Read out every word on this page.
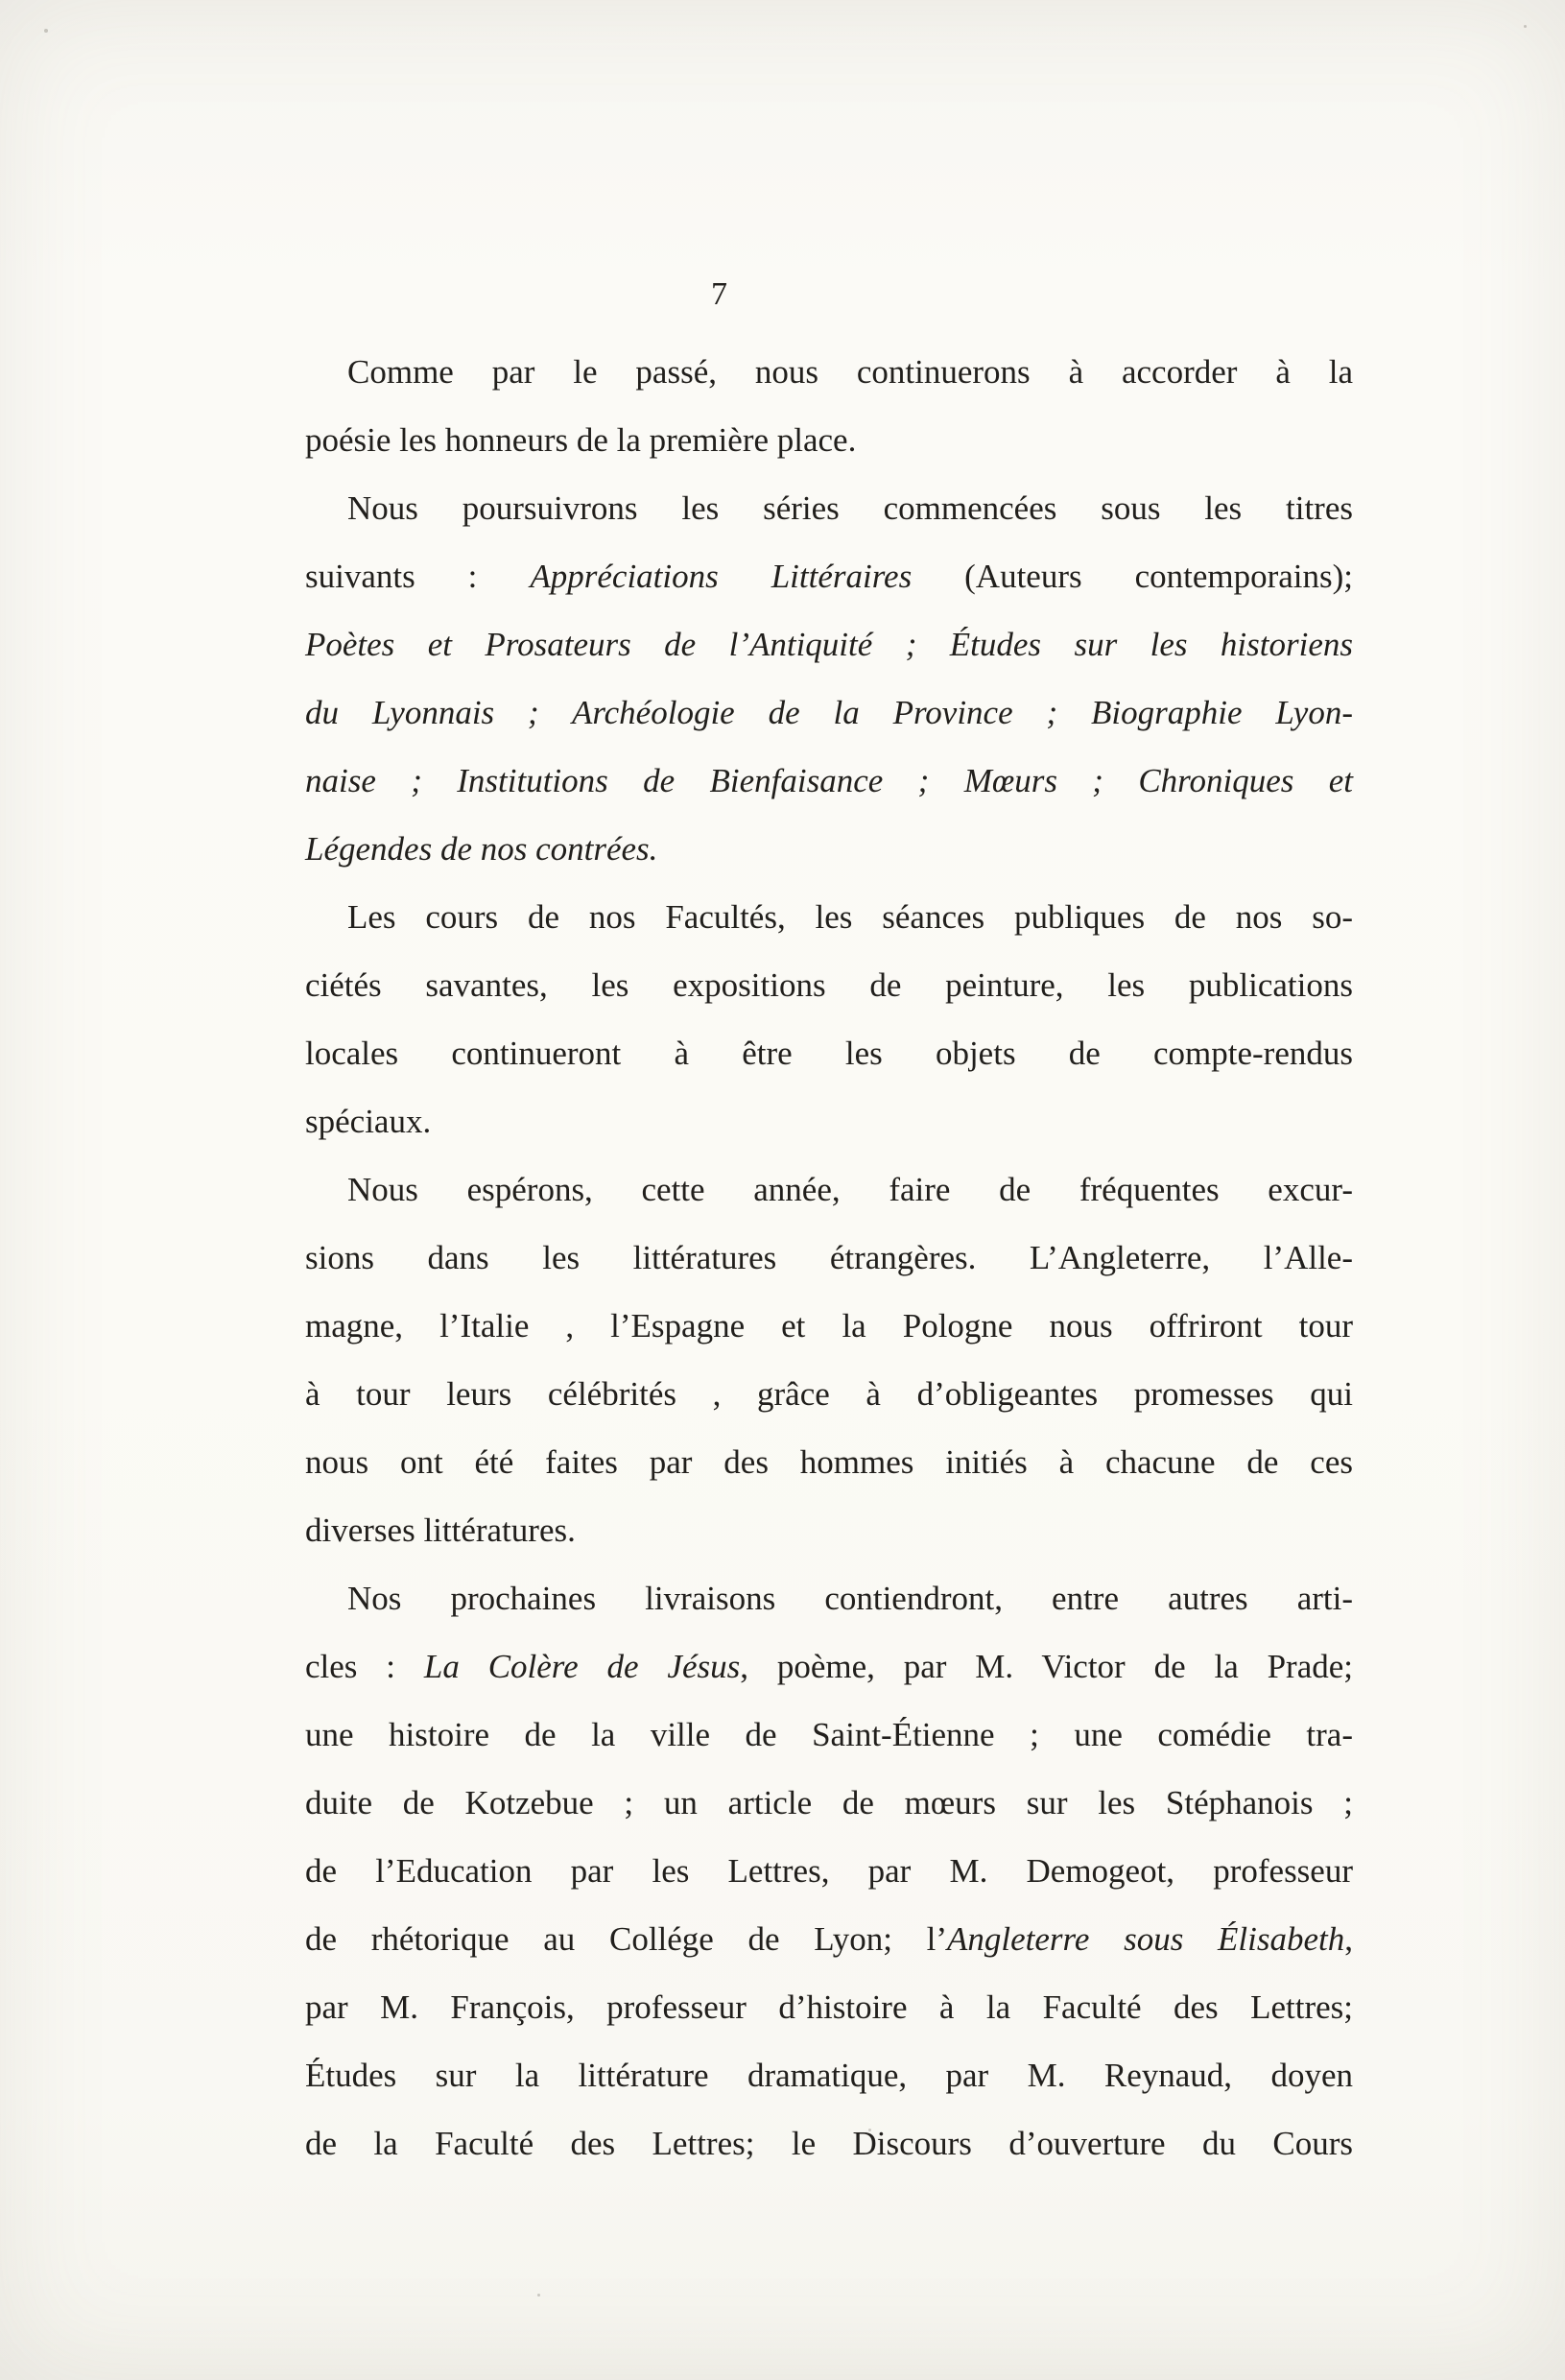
7
Comme par le passé, nous continuerons à accorder à la
poésie les honneurs de la première place.
Nous poursuivrons les séries commencées sous les titres
suivants : Appréciations Littéraires (Auteurs contemporains);
Poètes et Prosateurs de l’Antiquité ; Études sur les historiens
du Lyonnais ; Archéologie de la Province ; Biographie Lyon-
naise ; Institutions de Bienfaisance ; Mœurs ; Chroniques et
Légendes de nos contrées.
Les cours de nos Facultés, les séances publiques de nos so-
ciétés savantes, les expositions de peinture, les publications
locales continueront à être les objets de compte-rendus
spéciaux.
Nous espérons, cette année, faire de fréquentes excur-
sions dans les littératures étrangères. L’Angleterre, l’Alle-
magne, l’Italie , l’Espagne et la Pologne nous offriront tour
à tour leurs célébrités , grâce à d’obligeantes promesses qui
nous ont été faites par des hommes initiés à chacune de ces
diverses littératures.
Nos prochaines livraisons contiendront, entre autres arti-
cles : La Colère de Jésus, poème, par M. Victor de la Prade;
une histoire de la ville de Saint-Étienne ; une comédie tra-
duite de Kotzebue ; un article de mœurs sur les Stéphanois ;
de l’Education par les Lettres, par M. Demogeot, professeur
de rhétorique au Collége de Lyon; l’Angleterre sous Élisabeth,
par M. François, professeur d’histoire à la Faculté des Lettres;
Études sur la littérature dramatique, par M. Reynaud, doyen
de la Faculté des Lettres; le Discours d’ouverture du Cours
